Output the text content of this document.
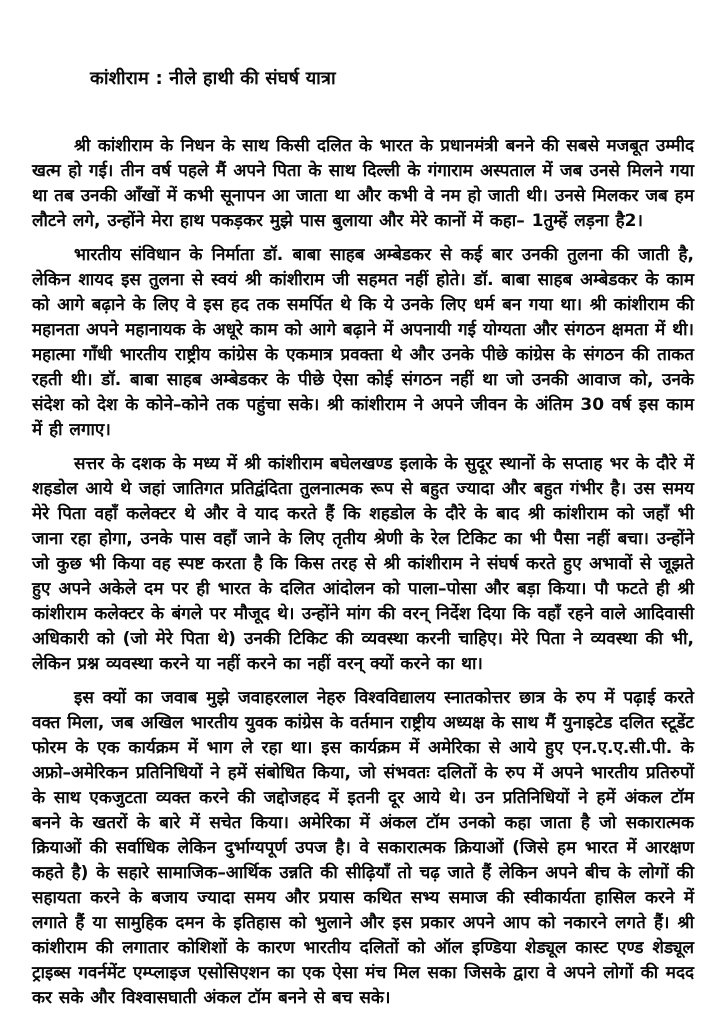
कांशीराम : नीले हाथी की संघर्ष यात्रा

श्री कांशीराम के निधन के साथ किसी दलित के भारत के प्रधानमंत्री बनने की सबसे मजबूत उम्मीद खत्म हो गई। तीन वर्ष पहले मैं अपने पिता के साथ दिल्ली के गंगाराम अस्पताल में जब उनसे मिलने गया था तब उनकी आँखों में कभी सूनापन आ जाता था और कभी वे नम हो जाती थी। उनसे मिलकर जब हम लौटने लगे, उन्होंने मेरा हाथ पकड़कर मुझे पास बुलाया और मेरे कानों में कहा– 1तुम्हें लड़ना है2।

भारतीय संविधान के निर्माता डॉ. बाबा साहब अम्बेडकर से कई बार उनकी तुलना की जाती है, लेकिन शायद इस तुलना से स्वयं श्री कांशीराम जी सहमत नहीं होते। डॉ. बाबा साहब अम्बेडकर के काम को आगे बढ़ाने के लिए वे इस हद तक समर्पित थे कि ये उनके लिए धर्म बन गया था। श्री कांशीराम की महानता अपने महानायक के अधूरे काम को आगे बढ़ाने में अपनायी गई योग्यता और संगठन क्षमता में थी। महात्मा गाँधी भारतीय राष्ट्रीय कांग्रेस के एकमात्र प्रवक्ता थे और उनके पीछे कांग्रेस के संगठन की ताकत रहती थी। डॉ. बाबा साहब अम्बेडकर के पीछे ऐसा कोई संगठन नहीं था जो उनकी आवाज को, उनके संदेश को देश के कोने–कोने तक पहुंचा सके। श्री कांशीराम ने अपने जीवन के अंतिम 30 वर्ष इस काम में ही लगाए।

सत्तर के दशक के मध्य में श्री कांशीराम बघेलखण्ड इलाके के सुदूर स्थानों के सप्ताह भर के दौरे में शहडोल आये थे जहां जातिगत प्रतिद्वंदिता तुलनात्मक रूप से बहुत ज्यादा और बहुत गंभीर है। उस समय मेरे पिता वहाँ कलेक्टर थे और वे याद करते हैं कि शहडोल के दौरे के बाद श्री कांशीराम को जहाँ भी जाना रहा होगा, उनके पास वहाँ जाने के लिए तृतीय श्रेणी के रेल टिकिट का भी पैसा नहीं बचा। उन्होंने जो कुछ भी किया वह स्पष्ट करता है कि किस तरह से श्री कांशीराम ने संघर्ष करते हुए अभावों से जूझते हुए अपने अकेले दम पर ही भारत के दलित आंदोलन को पाला–पोसा और बड़ा किया। पौ फटते ही श्री कांशीराम कलेक्टर के बंगले पर मौजूद थे। उन्होंने मांग की वरन् निर्देश दिया कि वहाँ रहने वाले आदिवासी अधिकारी को (जो मेरे पिता थे) उनकी टिकिट की व्यवस्था करनी चाहिए। मेरे पिता ने व्यवस्था की भी, लेकिन प्रश्न व्यवस्था करने या नहीं करने का नहीं वरन् क्यों करने का था।

इस क्यों का जवाब मुझे जवाहरलाल नेहरु विश्वविद्यालय स्नातकोत्तर छात्र के रुप में पढ़ाई करते वक्त मिला, जब अखिल भारतीय युवक कांग्रेस के वर्तमान राष्ट्रीय अध्यक्ष के साथ मैं युनाइटेड दलित स्टूडेंट फोरम के एक कार्यक्रम में भाग ले रहा था। इस कार्यक्रम में अमेरिका से आये हुए एन.ए.ए.सी.पी. के अफ्रो–अमेरिकन प्रतिनिधियों ने हमें संबोधित किया, जो संभवतः दलितों के रुप में अपने भारतीय प्रतिरुपों के साथ एकजुटता व्यक्त करने की जद्दोजहद में इतनी दूर आये थे। उन प्रतिनिधियों ने हमें अंकल टॉम बनने के खतरों के बारे में सचेत किया। अमेरिका में अंकल टॉम उनको कहा जाता है जो सकारात्मक क्रियाओं की सर्वाधिक लेकिन दुर्भाग्यपूर्ण उपज है। वे सकारात्मक क्रियाओं (जिसे हम भारत में आरक्षण कहते है) के सहारे सामाजिक–आर्थिक उन्नति की सीढ़ियाँ तो चढ़ जाते हैं लेकिन अपने बीच के लोगों की सहायता करने के बजाय ज्यादा समय और प्रयास कथित सभ्य समाज की स्वीकार्यता हासिल करने में लगाते हैं या सामुहिक दमन के इतिहास को भुलाने और इस प्रकार अपने आप को नकारने लगते हैं। श्री कांशीराम की लगातार कोशिशों के कारण भारतीय दलितों को ऑल इण्डिया शेड्यूल कास्ट एण्ड शेड्यूल ट्राइब्स गवर्नमेंट एम्प्लाइज एसोसिएशन का एक ऐसा मंच मिल सका जिसके द्वारा वे अपने लोगों की मदद कर सके और विश्वासघाती अंकल टॉम बनने से बच सके।
